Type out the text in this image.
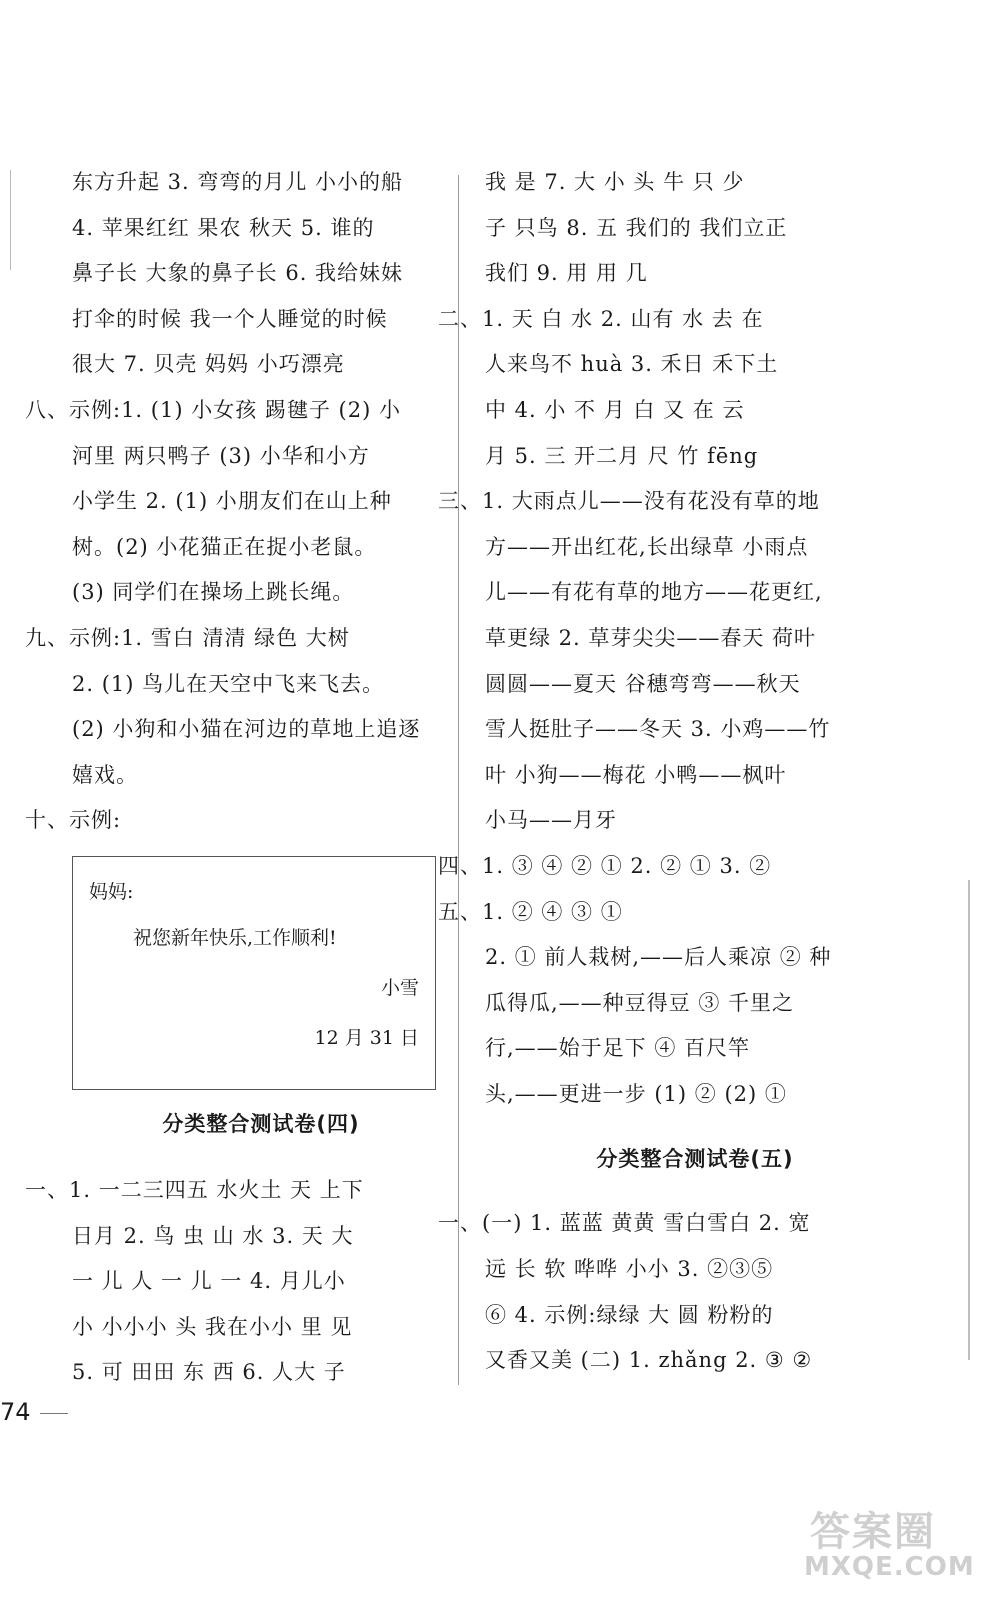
东方升起 3. 弯弯的月儿 小小的船
4. 苹果红红 果农 秋天 5. 谁的
鼻子长 大象的鼻子长 6. 我给妹妹
打伞的时候 我一个人睡觉的时候
很大 7. 贝壳 妈妈 小巧漂亮
八、示例:1. (1) 小女孩 踢毽子 (2) 小
河里 两只鸭子 (3) 小华和小方
小学生 2. (1) 小朋友们在山上种
树。(2) 小花猫正在捉小老鼠。
(3) 同学们在操场上跳长绳。
九、示例:1. 雪白 清清 绿色 大树
2. (1) 鸟儿在天空中飞来飞去。
(2) 小狗和小猫在河边的草地上追逐
嬉戏。
十、示例:
妈妈:
祝您新年快乐,工作顺利!
小雪
12 月 31 日
分类整合测试卷(四)
一、1. 一二三四五 水火土 天 上下
日月 2. 鸟 虫 山 水 3. 天 大
一 儿 人 一 儿 一 4. 月儿小
小 小小小 头 我在小小 里 见
5. 可 田田 东 西 6. 人大 子
我 是 7. 大 小 头 牛 只 少
子 只鸟 8. 五 我们的 我们立正
我们 9. 用 用 几
二、1. 天 白 水 2. 山有 水 去 在
人来鸟不 huà 3. 禾日 禾下土
中 4. 小 不 月 白 又 在 云
月 5. 三 开二月 尺 竹 fēng
三、1. 大雨点儿——没有花没有草的地
方——开出红花,长出绿草 小雨点
儿——有花有草的地方——花更红,
草更绿 2. 草芽尖尖——春天 荷叶
圆圆——夏天 谷穗弯弯——秋天
雪人挺肚子——冬天 3. 小鸡——竹
叶 小狗——梅花 小鸭——枫叶
小马——月牙
四、1. ③ ④ ② ① 2. ② ① 3. ②
五、1. ② ④ ③ ①
2. ① 前人栽树,——后人乘凉 ② 种
瓜得瓜,——种豆得豆 ③ 千里之
行,——始于足下 ④ 百尺竿
头,——更进一步 (1) ② (2) ①
分类整合测试卷(五)
一、(一) 1. 蓝蓝 黄黄 雪白雪白 2. 宽
远 长 软 哗哗 小小 3. ②③⑤
⑥ 4. 示例:绿绿 大 圆 粉粉的
又香又美 (二) 1. zhǎng 2. ③ ②
74
答案圈
MXQE.COM
